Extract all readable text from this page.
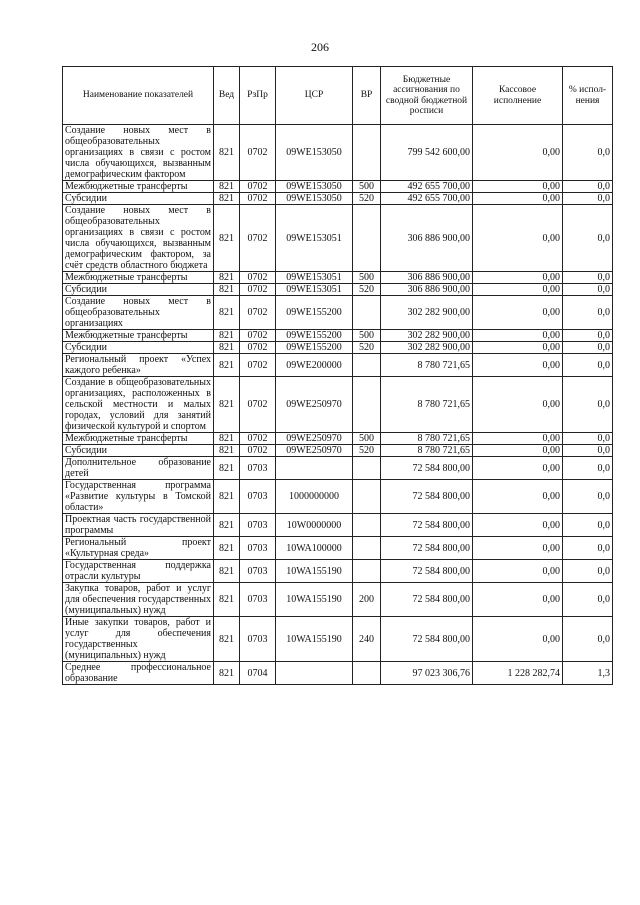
206
Наименование показателей	Вед	РзПр	ЦСР	ВР	Бюджетные ассигнования по сводной бюджетной росписи	Кассовое исполнение	% испол-нения
Создание новых мест в общеобразовательных организациях в связи с ростом числа обучающихся, вызванным демографическим фактором	821	0702	09WE153050		799 542 600,00	0,00	0,0
Межбюджетные трансферты	821	0702	09WE153050	500	492 655 700,00	0,00	0,0
Субсидии	821	0702	09WE153050	520	492 655 700,00	0,00	0,0
Создание новых мест в общеобразовательных организациях в связи с ростом числа обучающихся, вызванным демографическим фактором, за счёт средств областного бюджета	821	0702	09WE153051		306 886 900,00	0,00	0,0
Межбюджетные трансферты	821	0702	09WE153051	500	306 886 900,00	0,00	0,0
Субсидии	821	0702	09WE153051	520	306 886 900,00	0,00	0,0
Создание новых мест в общеобразовательных организациях	821	0702	09WE155200		302 282 900,00	0,00	0,0
Межбюджетные трансферты	821	0702	09WE155200	500	302 282 900,00	0,00	0,0
Субсидии	821	0702	09WE155200	520	302 282 900,00	0,00	0,0
Региональный проект «Успех каждого ребенка»	821	0702	09WE200000		8 780 721,65	0,00	0,0
Создание в общеобразовательных организациях, расположенных в сельской местности и малых городах, условий для занятий физической культурой и спортом	821	0702	09WE250970		8 780 721,65	0,00	0,0
Межбюджетные трансферты	821	0702	09WE250970	500	8 780 721,65	0,00	0,0
Субсидии	821	0702	09WE250970	520	8 780 721,65	0,00	0,0
Дополнительное образование детей	821	0703			72 584 800,00	0,00	0,0
Государственная программа «Развитие культуры в Томской области»	821	0703	1000000000		72 584 800,00	0,00	0,0
Проектная часть государственной программы	821	0703	10W0000000		72 584 800,00	0,00	0,0
Региональный проект «Культурная среда»	821	0703	10WA100000		72 584 800,00	0,00	0,0
Государственная поддержка отрасли культуры	821	0703	10WA155190		72 584 800,00	0,00	0,0
Закупка товаров, работ и услуг для обеспечения государственных (муниципальных) нужд	821	0703	10WA155190	200	72 584 800,00	0,00	0,0
Иные закупки товаров, работ и услуг для обеспечения государственных (муниципальных) нужд	821	0703	10WA155190	240	72 584 800,00	0,00	0,0
Среднее профессиональное образование	821	0704			97 023 306,76	1 228 282,74	1,3
